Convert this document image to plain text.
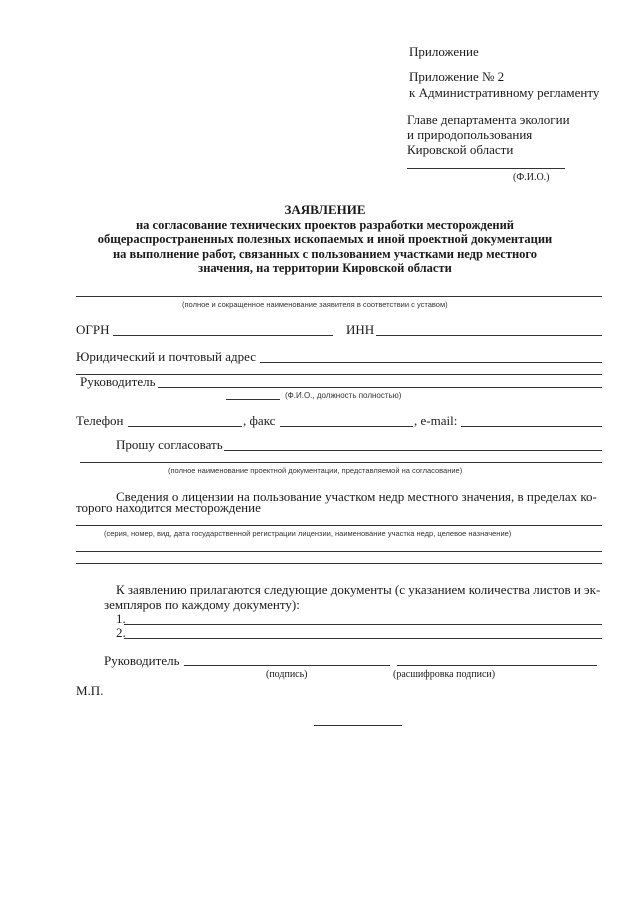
Приложение
Приложение № 2
к Административному регламенту
Главе департамента экологии
и природопользования
Кировской области
(Ф.И.О.)
ЗАЯВЛЕНИЕ
на согласование технических проектов разработки месторождений
общераспространенных полезных ископаемых и иной проектной документации
на выполнение работ, связанных с пользованием участками недр местного
значения, на территории Кировской области
(полное и сокращенное наименование заявителя в соответствии с уставом)
ОГРН	ИНН
Юридический и почтовый адрес
Руководитель
(Ф.И.О., должность полностью)
Телефон	, факс	, e-mail:
Прошу согласовать
(полное наименование проектной документации, представляемой на согласование)
Сведения о лицензии на пользование участком недр местного значения, в пределах ко-
торого находится месторождение
(серия, номер, вид, дата государственной регистрации лицензии, наименование участка недр, целевое назначение)
К заявлению прилагаются следующие документы (с указанием количества листов и эк-
земпляров по каждому документу):
1.
2.
Руководитель
(подпись)	(расшифровка подписи)
М.П.
